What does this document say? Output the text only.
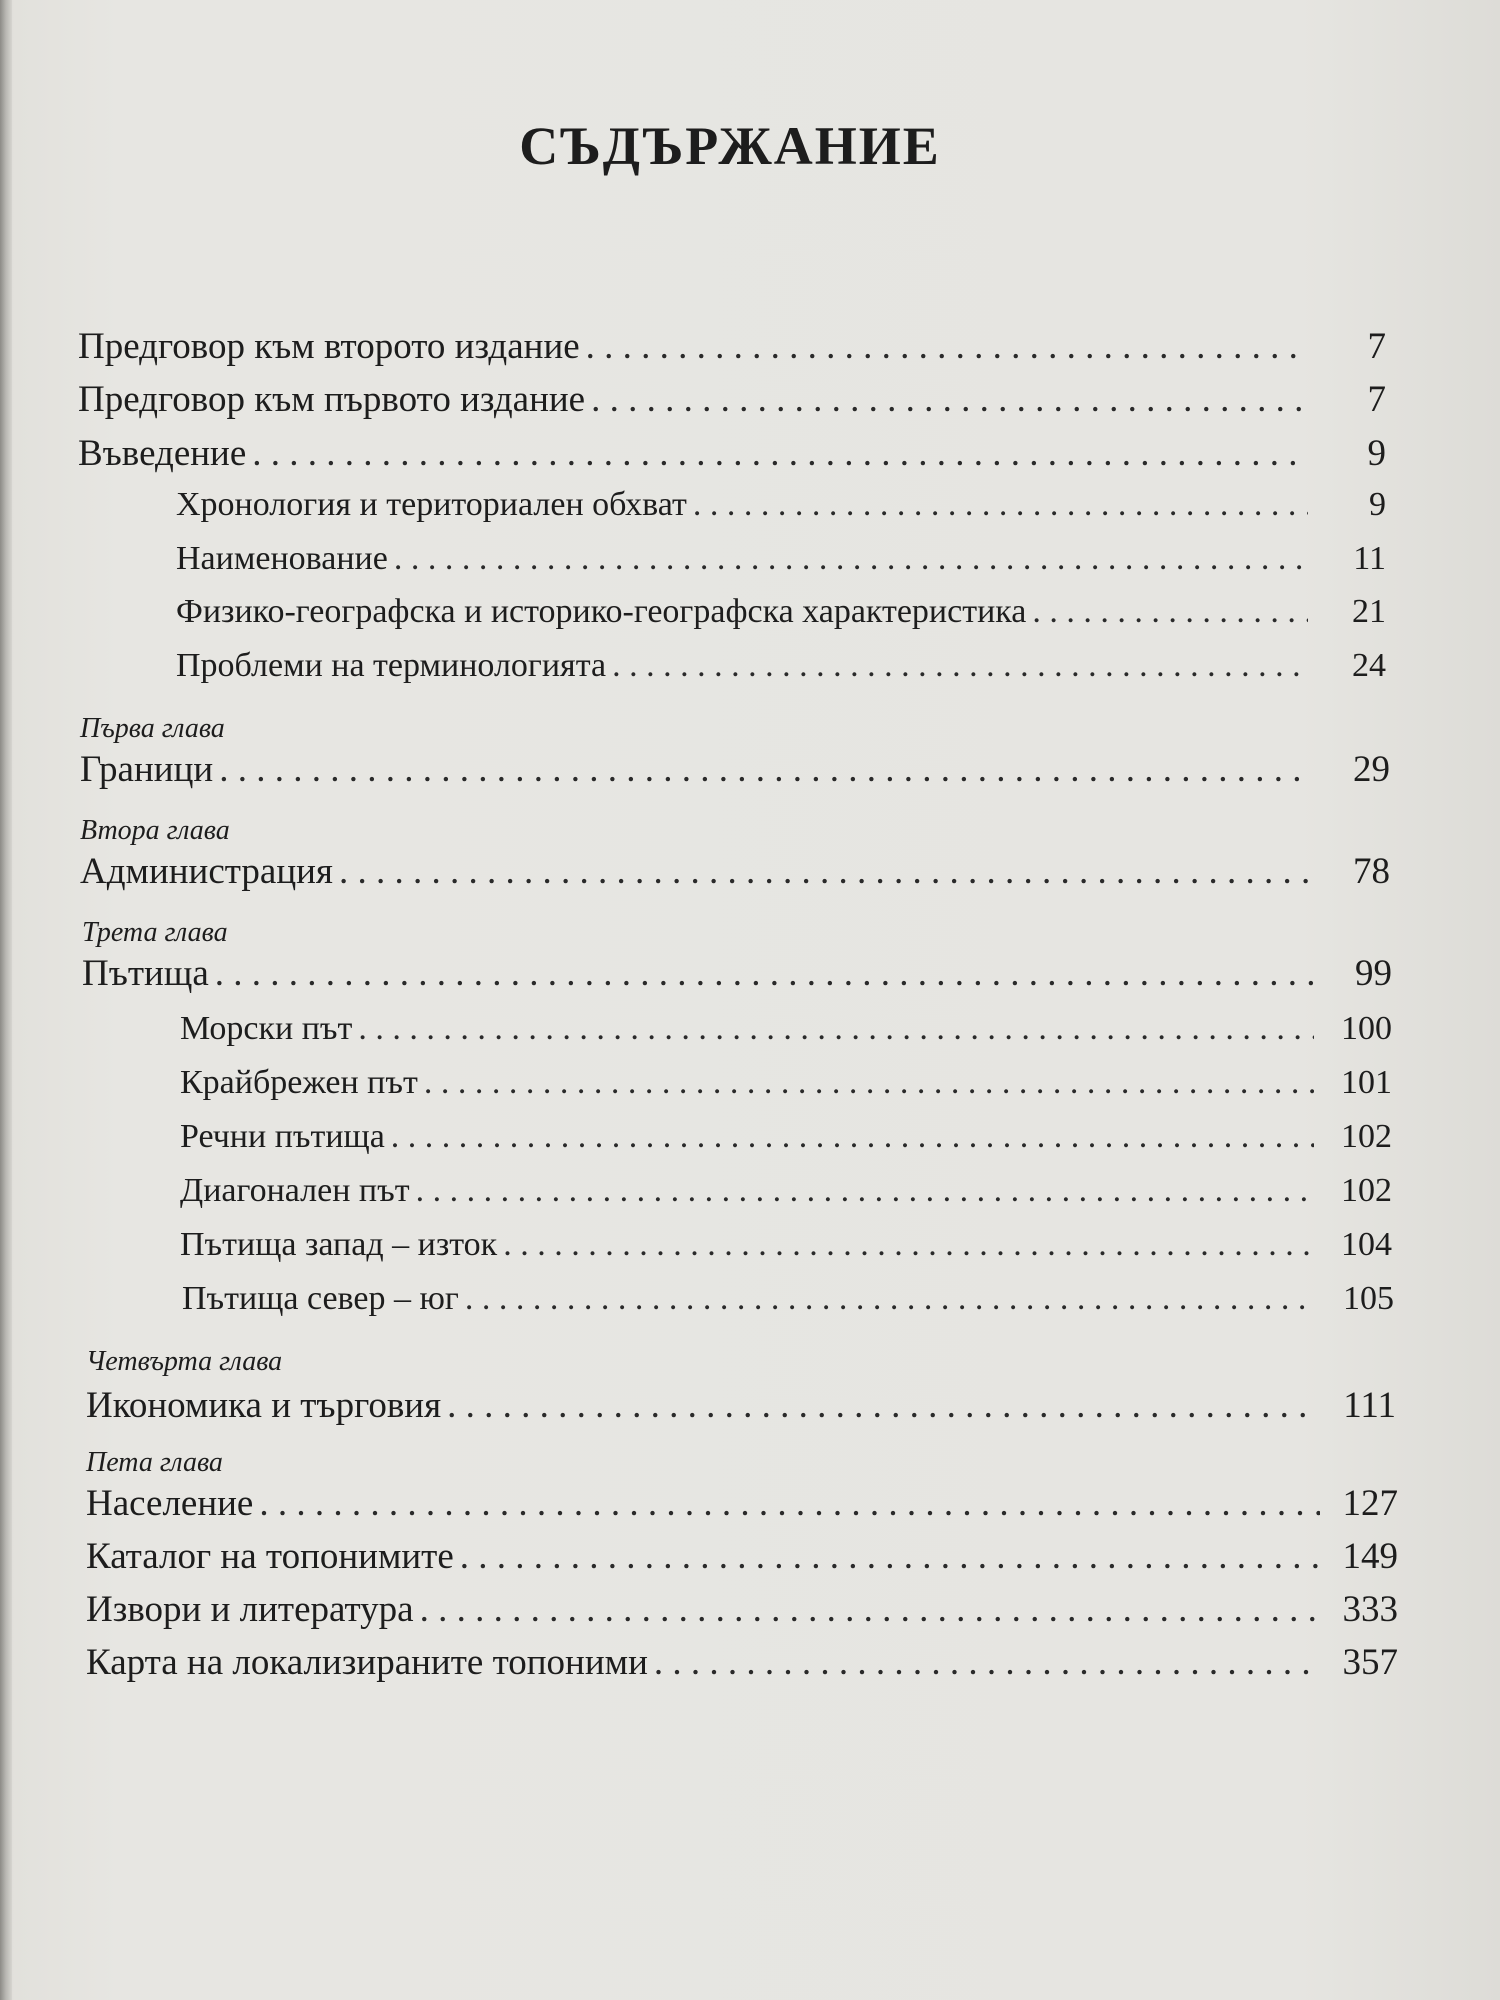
СЪДЪРЖАНИЕ
Предговор към второто издание . . .	7
Предговор към първото издание . . .	7
Въведение . . .	9
Хронология и териториален обхват . . .	9
Наименование . . .	11
Физико-географска и историко-географска характеристика . . .	21
Проблеми на терминологията . . .	24
Първа глава
Граници . . .	29
Втора глава
Администрация . . .	78
Трета глава
Пътища . . .	99
Морски път . . .	100
Крайбрежен път . . .	101
Речни пътища . . .	102
Диагонален път . . .	102
Пътища запад – изток . . .	104
Пътища север – юг . . .	105
Четвърта глава
Икономика и търговия . . .	111
Пета глава
Население . . .	127
Каталог на топонимите . . .	149
Извори и литература . . .	333
Карта на локализираните топоними . . .	357
